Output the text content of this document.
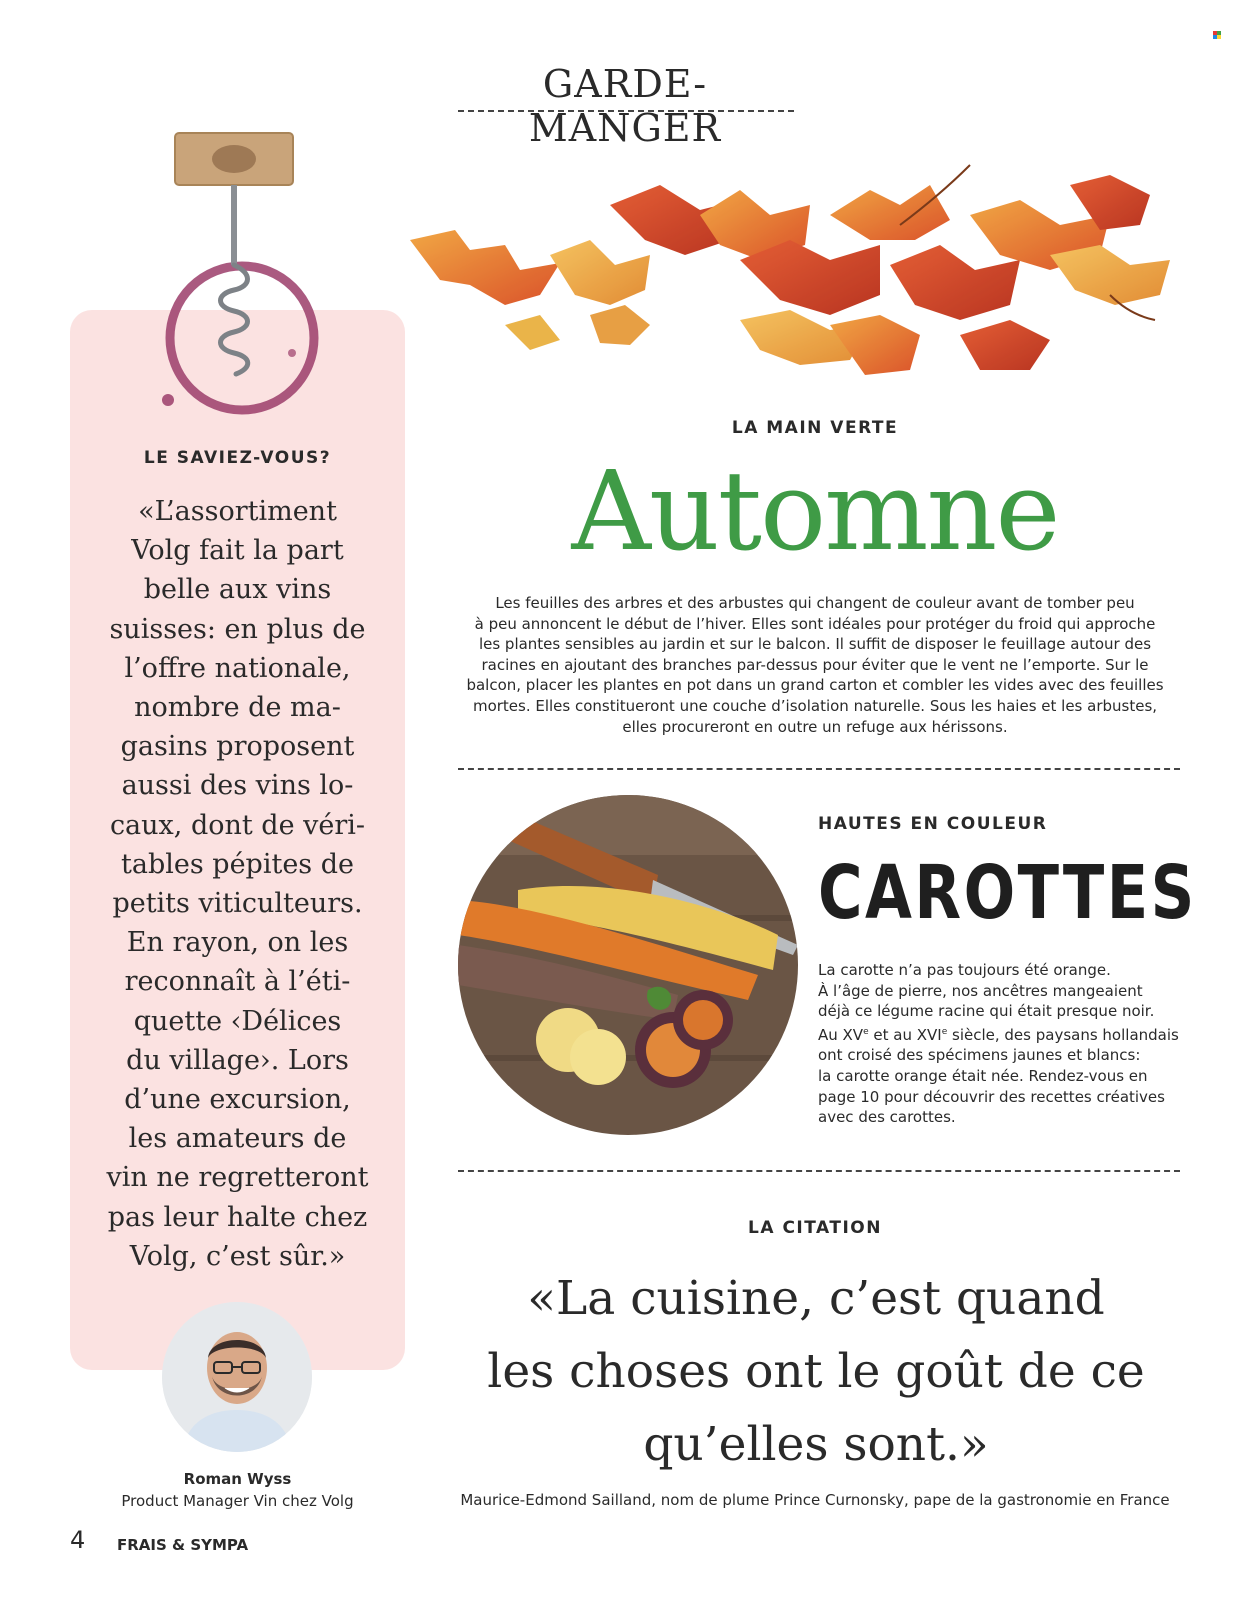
GARDE-MANGER
LE SAVIEZ-VOUS?
«L’assortiment
Volg fait la part
belle aux vins
suisses: en plus de
l’offre nationale,
nombre de ma-
gasins proposent
aussi des vins lo-
caux, dont de véri-
tables pépites de
petits viticulteurs.
En rayon, on les
reconnaît à l’éti-
quette ‹Délices
du village›. Lors
d’une excursion,
les amateurs de
vin ne regretteront
pas leur halte chez
Volg, c’est sûr.»
Roman Wyss
Product Manager Vin chez Volg
LA MAIN VERTE
Automne
Les feuilles des arbres et des arbustes qui changent de couleur avant de tomber peu
à peu annoncent le début de l’hiver. Elles sont idéales pour protéger du froid qui approche
les plantes sensibles au jardin et sur le balcon. Il suffit de disposer le feuillage autour des
racines en ajoutant des branches par-dessus pour éviter que le vent ne l’emporte. Sur le
balcon, placer les plantes en pot dans un grand carton et combler les vides avec des feuilles
mortes. Elles constitueront une couche d’isolation naturelle. Sous les haies et les arbustes,
elles procureront en outre un refuge aux hérissons.
HAUTES EN COULEUR
CAROTTES
La carotte n’a pas toujours été orange.
À l’âge de pierre, nos ancêtres mangeaient
déjà ce légume racine qui était presque noir.
Au XVe et au XVIe siècle, des paysans hollandais
ont croisé des spécimens jaunes et blancs:
la carotte orange était née. Rendez-vous en
page 10 pour découvrir des recettes créatives
avec des carottes.
LA CITATION
«La cuisine, c’est quand
les choses ont le goût de ce
qu’elles sont.»
Maurice-Edmond Sailland, nom de plume Prince Curnonsky, pape de la gastronomie en France
4 FRAIS & SYMPA
